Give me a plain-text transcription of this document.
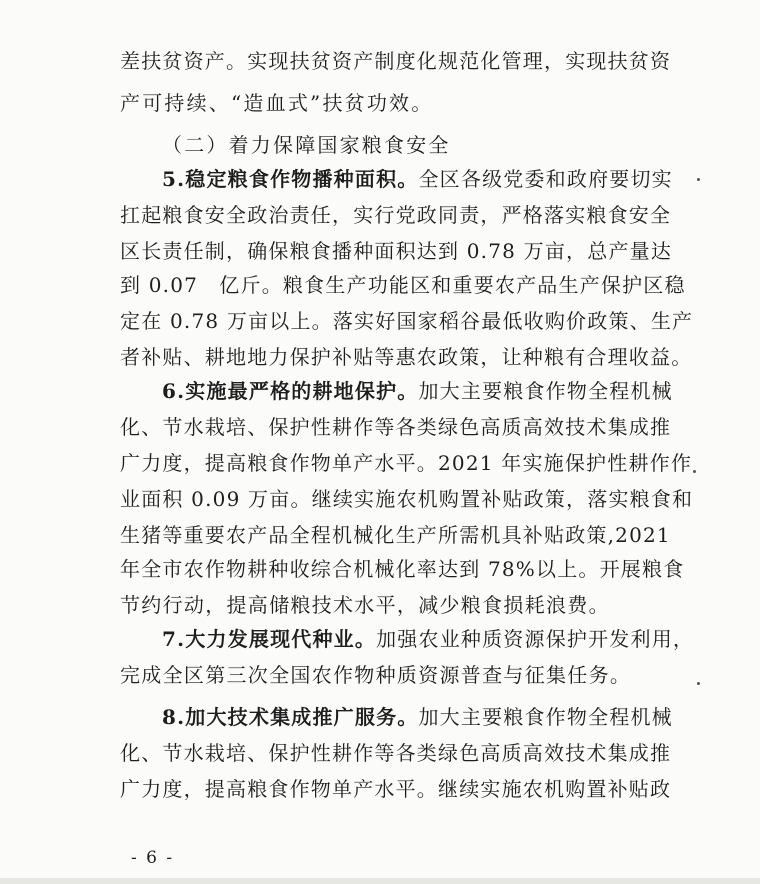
差扶贫资产。实现扶贫资产制度化规范化管理，实现扶贫资
产可持续、“造血式”扶贫功效。
（二）着力保障国家粮食安全
5.稳定粮食作物播种面积。全区各级党委和政府要切实
扛起粮食安全政治责任，实行党政同责，严格落实粮食安全
区长责任制，确保粮食播种面积达到 0.78 万亩，总产量达
到 0.07　亿斤。粮食生产功能区和重要农产品生产保护区稳
定在 0.78 万亩以上。落实好国家稻谷最低收购价政策、生产
者补贴、耕地地力保护补贴等惠农政策，让种粮有合理收益。
6.实施最严格的耕地保护。加大主要粮食作物全程机械
化、节水栽培、保护性耕作等各类绿色高质高效技术集成推
广力度，提高粮食作物单产水平。2021 年实施保护性耕作作
业面积 0.09 万亩。继续实施农机购置补贴政策，落实粮食和
生猪等重要农产品全程机械化生产所需机具补贴政策,2021
年全市农作物耕种收综合机械化率达到 78%以上。开展粮食
节约行动，提高储粮技术水平，减少粮食损耗浪费。
7.大力发展现代种业。加强农业种质资源保护开发利用，
完成全区第三次全国农作物种质资源普查与征集任务。
8.加大技术集成推广服务。加大主要粮食作物全程机械
化、节水栽培、保护性耕作等各类绿色高质高效技术集成推
广力度，提高粮食作物单产水平。继续实施农机购置补贴政
- 6 -
